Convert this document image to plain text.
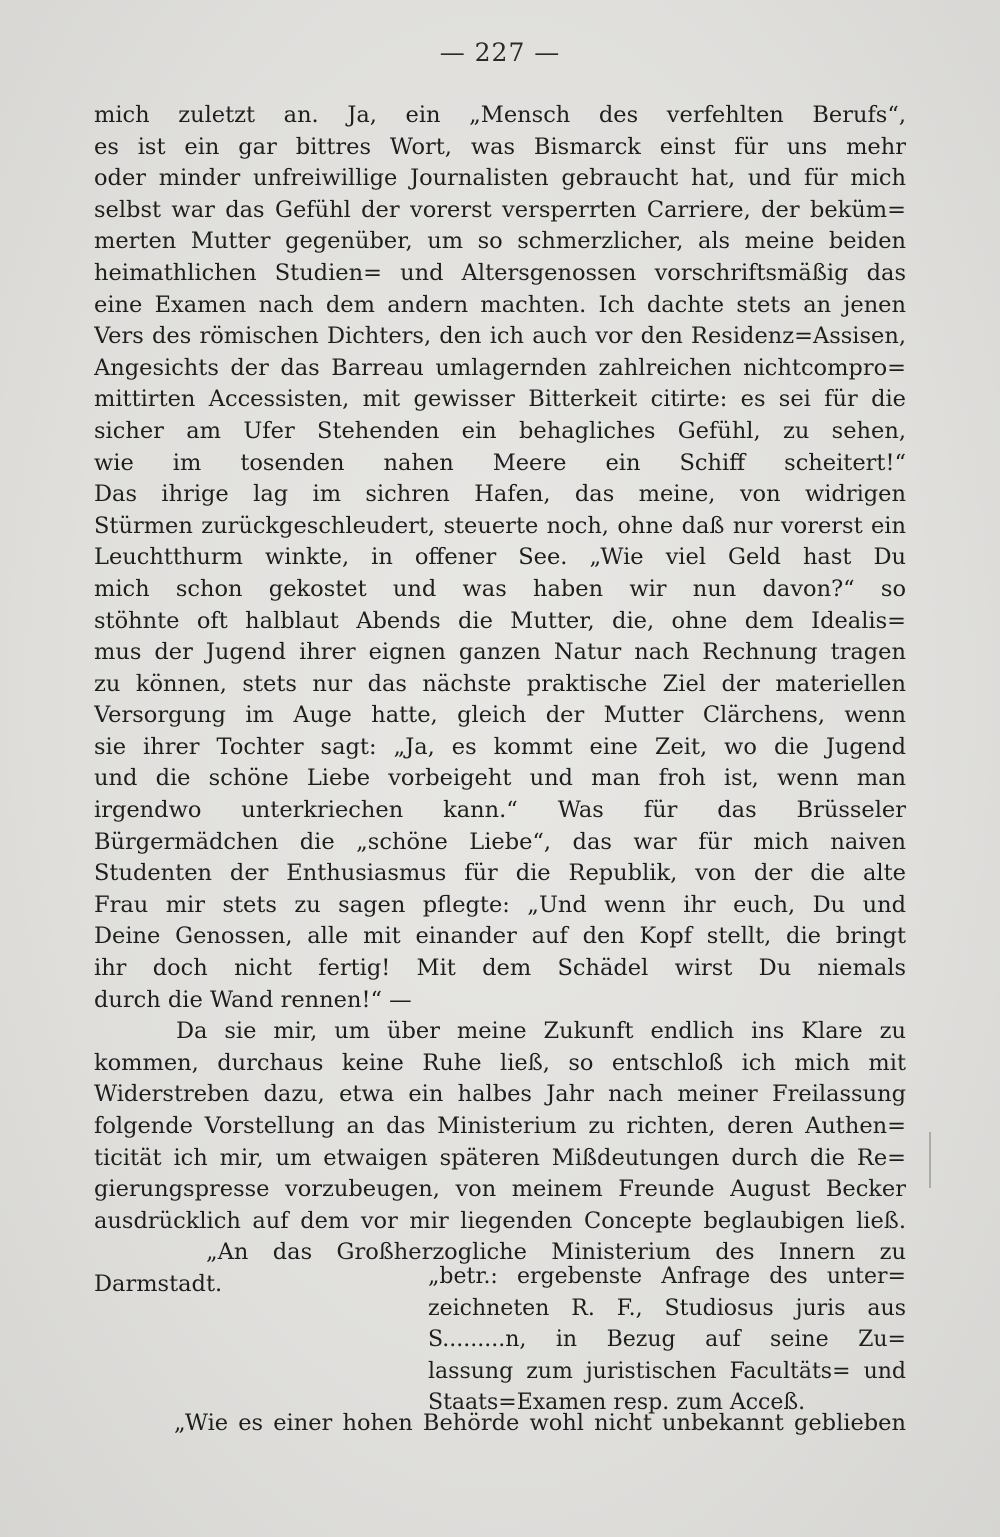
— 227 —
mich zuletzt an. Ja, ein „Mensch des verfehlten Berufs“,
es ist ein gar bittres Wort, was Bismarck einst für uns mehr
oder minder unfreiwillige Journalisten gebraucht hat, und für mich
selbst war das Gefühl der vorerst versperrten Carriere, der beküm=
merten Mutter gegenüber, um so schmerzlicher, als meine beiden
heimathlichen Studien= und Altersgenossen vorschriftsmäßig das
eine Examen nach dem andern machten. Ich dachte stets an jenen
Vers des römischen Dichters, den ich auch vor den Residenz=Assisen,
Angesichts der das Barreau umlagernden zahlreichen nichtcompro=
mittirten Accessisten, mit gewisser Bitterkeit citirte: es sei für die
sicher am Ufer Stehenden ein behagliches Gefühl, zu sehen,
wie im tosenden nahen Meere ein Schiff scheitert!“
Das ihrige lag im sichren Hafen, das meine, von widrigen
Stürmen zurückgeschleudert, steuerte noch, ohne daß nur vorerst ein
Leuchtthurm winkte, in offener See. „Wie viel Geld hast Du
mich schon gekostet und was haben wir nun davon?“ so
stöhnte oft halblaut Abends die Mutter, die, ohne dem Idealis=
mus der Jugend ihrer eignen ganzen Natur nach Rechnung tragen
zu können, stets nur das nächste praktische Ziel der materiellen
Versorgung im Auge hatte, gleich der Mutter Clärchens, wenn
sie ihrer Tochter sagt: „Ja, es kommt eine Zeit, wo die Jugend
und die schöne Liebe vorbeigeht und man froh ist, wenn man
irgendwo unterkriechen kann.“ Was für das Brüsseler
Bürgermädchen die „schöne Liebe“, das war für mich naiven
Studenten der Enthusiasmus für die Republik, von der die alte
Frau mir stets zu sagen pflegte: „Und wenn ihr euch, Du und
Deine Genossen, alle mit einander auf den Kopf stellt, die bringt
ihr doch nicht fertig! Mit dem Schädel wirst Du niemals
durch die Wand rennen!“ —
Da sie mir, um über meine Zukunft endlich ins Klare zu
kommen, durchaus keine Ruhe ließ, so entschloß ich mich mit
Widerstreben dazu, etwa ein halbes Jahr nach meiner Freilassung
folgende Vorstellung an das Ministerium zu richten, deren Authen=
ticität ich mir, um etwaigen späteren Mißdeutungen durch die Re=
gierungspresse vorzubeugen, von meinem Freunde August Becker
ausdrücklich auf dem vor mir liegenden Concepte beglaubigen ließ.
„An das Großherzogliche Ministerium des Innern zu
Darmstadt.	„betr.: ergebenste Anfrage des unter=
zeichneten R. F., Studiosus juris aus
S.........n, in Bezug auf seine Zu=
lassung zum juristischen Facultäts= und
Staats=Examen resp. zum Acceß.
„Wie es einer hohen Behörde wohl nicht unbekannt geblieben
